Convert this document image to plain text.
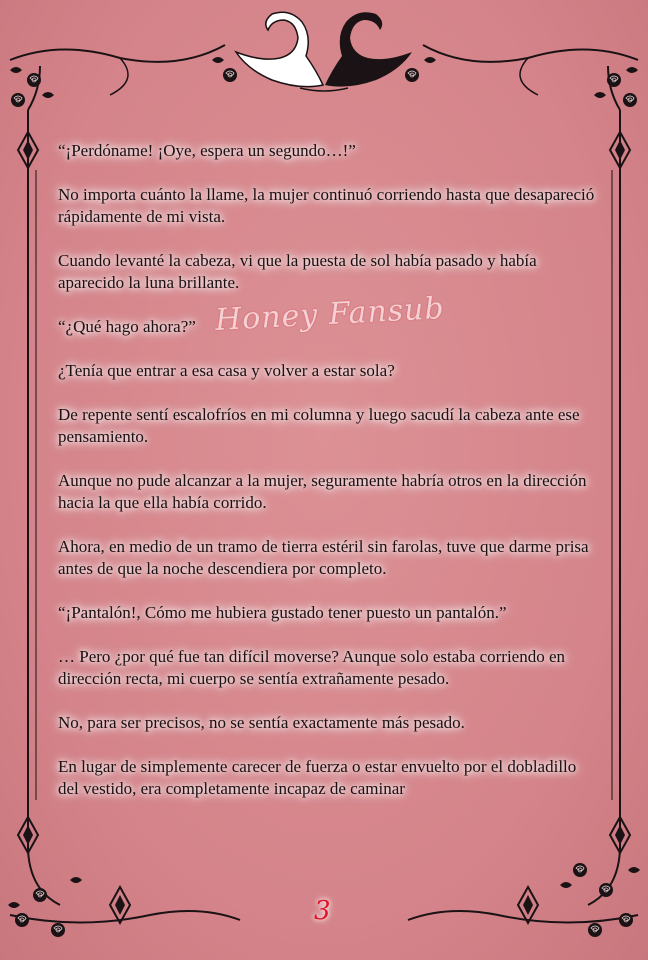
“¡Perdóname! ¡Oye, espera un segundo…!”

No importa cuánto la llame, la mujer continuó corriendo hasta que desapareció rápidamente de mi vista.

Cuando levanté la cabeza, vi que la puesta de sol había pasado y había aparecido la luna brillante.

“¿Qué hago ahora?” Honey Fansub

¿Tenía que entrar a esa casa y volver a estar sola?

De repente sentí escalofríos en mi columna y luego sacudí la cabeza ante ese pensamiento.

Aunque no pude alcanzar a la mujer, seguramente habría otros en la dirección hacia la que ella había corrido.

Ahora, en medio de un tramo de tierra estéril sin farolas, tuve que darme prisa antes de que la noche descendiera por completo.

“¡Pantalón!, Cómo me hubiera gustado tener puesto un pantalón.”

… Pero ¿por qué fue tan difícil moverse? Aunque solo estaba corriendo en dirección recta, mi cuerpo se sentía extrañamente pesado.

No, para ser precisos, no se sentía exactamente más pesado.

En lugar de simplemente carecer de fuerza o estar envuelto por el dobladillo del vestido, era completamente incapaz de caminar

3
